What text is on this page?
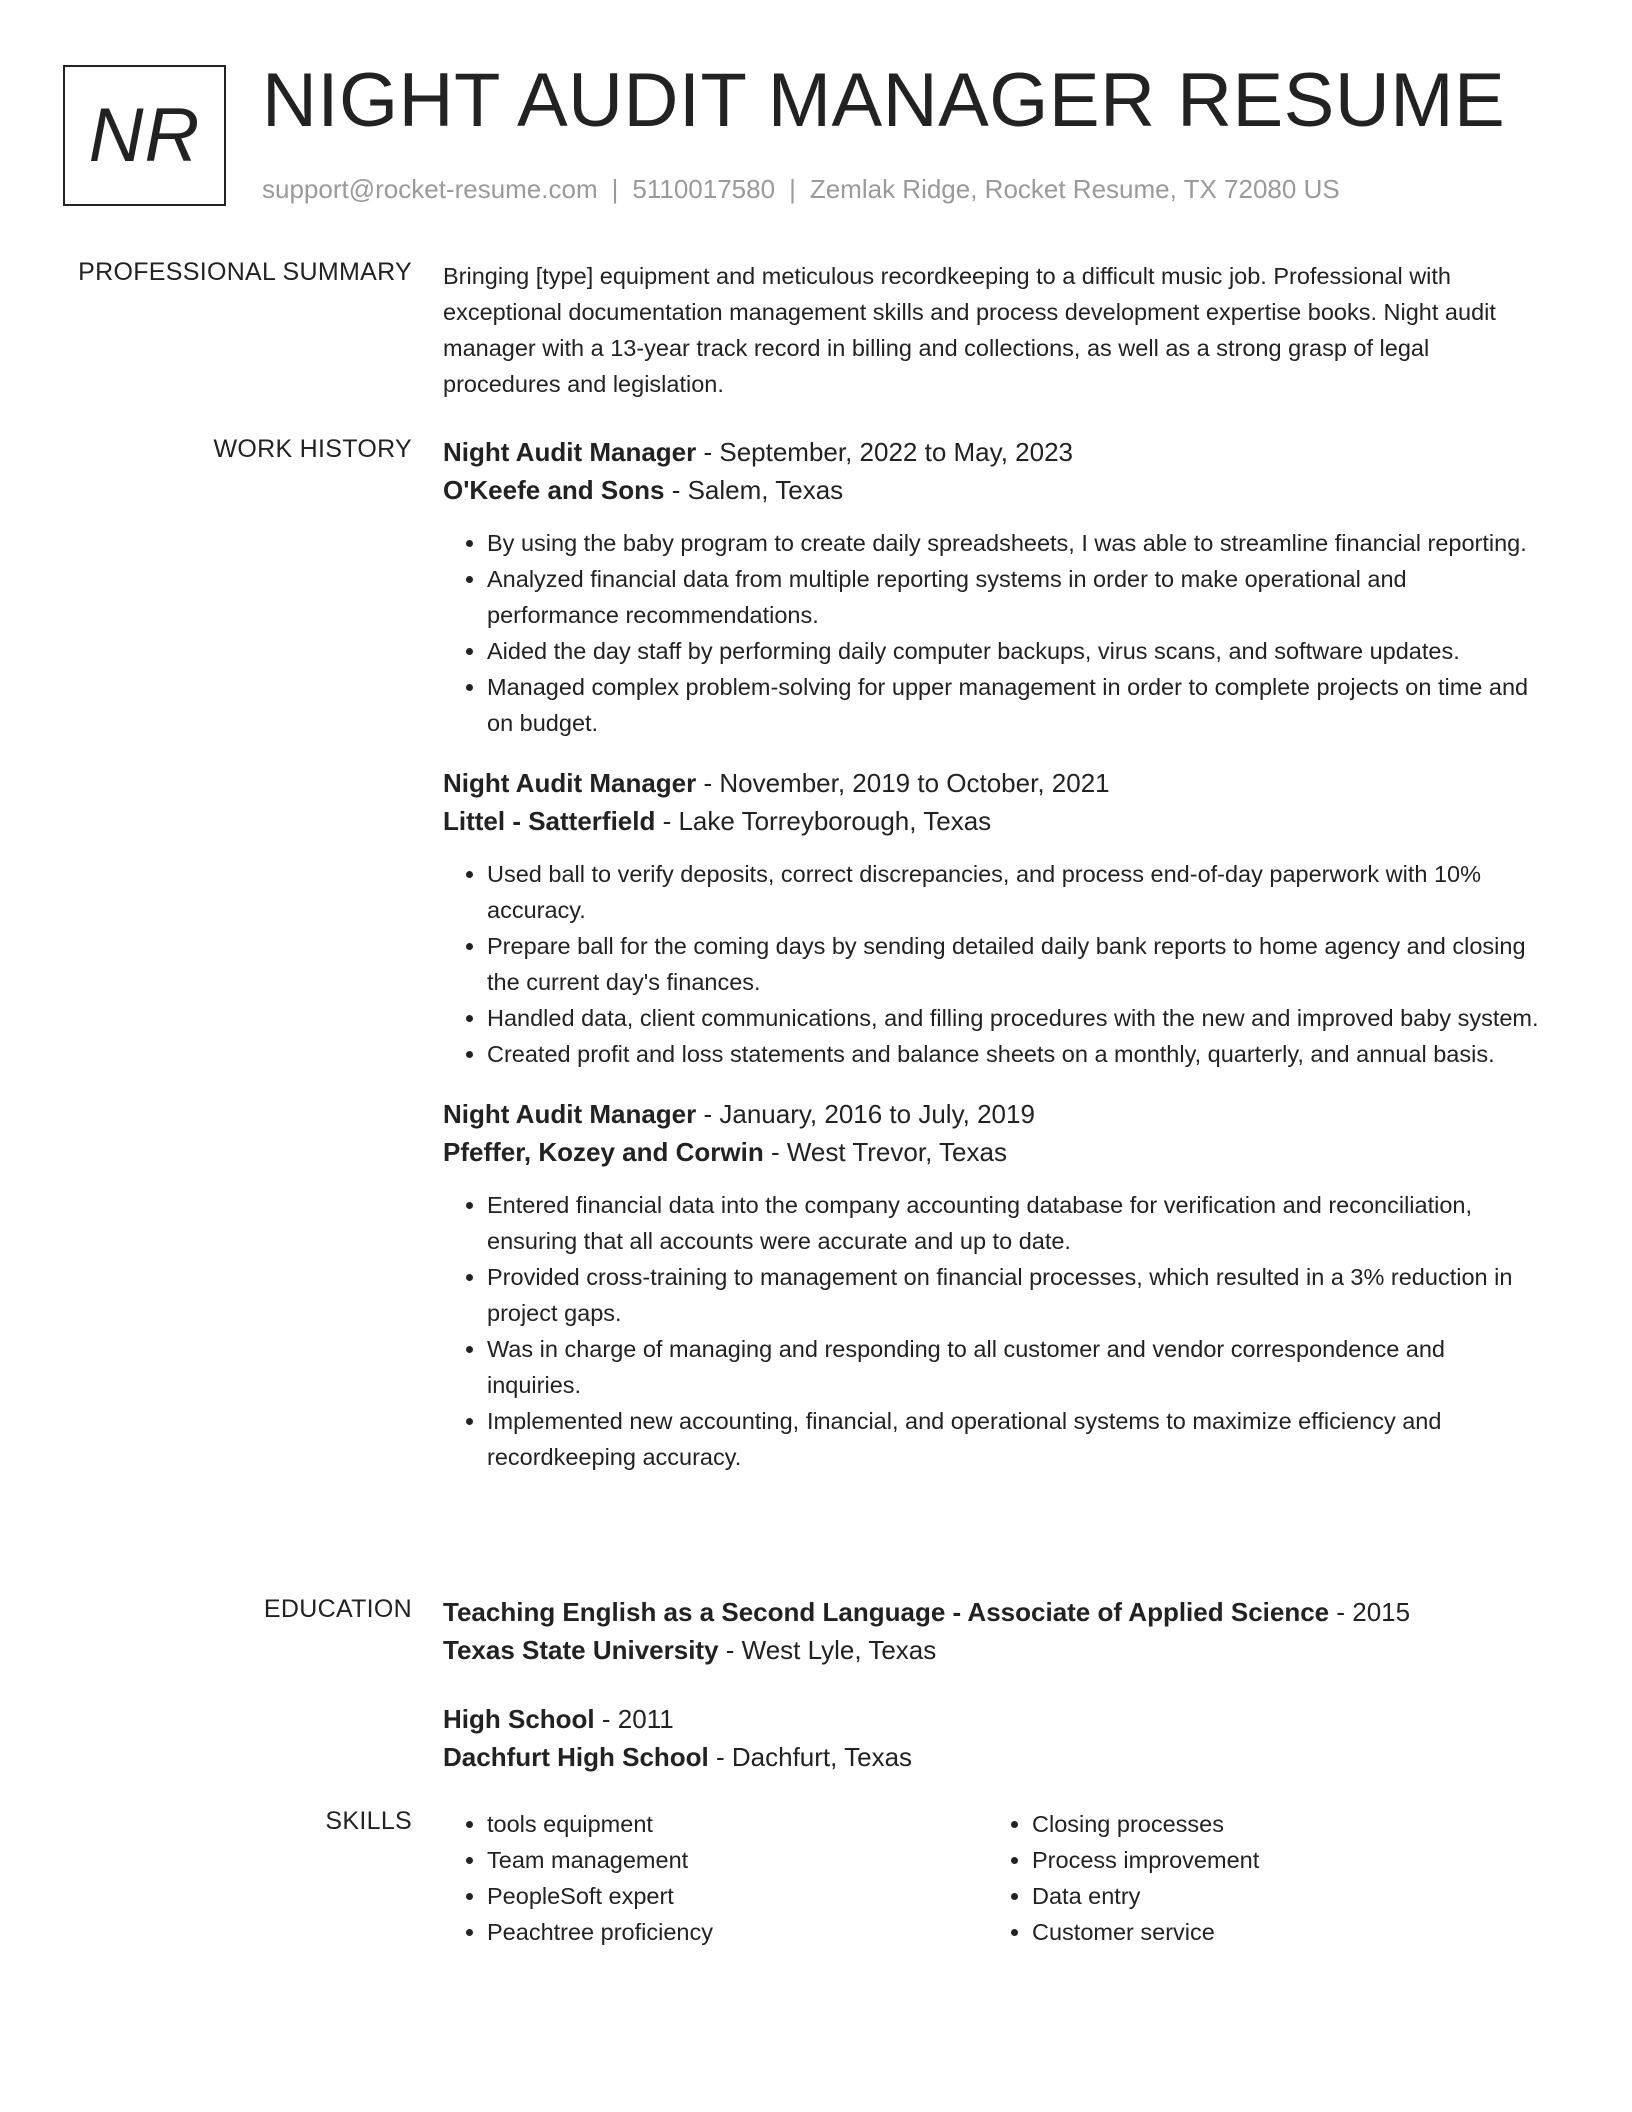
NR NIGHT AUDIT MANAGER RESUME
support@rocket-resume.com | 5110017580 | Zemlak Ridge, Rocket Resume, TX 72080 US
PROFESSIONAL SUMMARY Bringing [type] equipment and meticulous recordkeeping to a difficult music job. Professional with exceptional documentation management skills and process development expertise books. Night audit manager with a 13-year track record in billing and collections, as well as a strong grasp of legal procedures and legislation.

WORK HISTORY Night Audit Manager - September, 2022 to May, 2023
O'Keefe and Sons - Salem, Texas
• By using the baby program to create daily spreadsheets, I was able to streamline financial reporting.
• Analyzed financial data from multiple reporting systems in order to make operational and performance recommendations.
• Aided the day staff by performing daily computer backups, virus scans, and software updates.
• Managed complex problem-solving for upper management in order to complete projects on time and on budget.
Night Audit Manager - November, 2019 to October, 2021
Littel - Satterfield - Lake Torreyborough, Texas
• Used ball to verify deposits, correct discrepancies, and process end-of-day paperwork with 10% accuracy.
• Prepare ball for the coming days by sending detailed daily bank reports to home agency and closing the current day's finances.
• Handled data, client communications, and filling procedures with the new and improved baby system.
• Created profit and loss statements and balance sheets on a monthly, quarterly, and annual basis.
Night Audit Manager - January, 2016 to July, 2019
Pfeffer, Kozey and Corwin - West Trevor, Texas
• Entered financial data into the company accounting database for verification and reconciliation, ensuring that all accounts were accurate and up to date.
• Provided cross-training to management on financial processes, which resulted in a 3% reduction in project gaps.
• Was in charge of managing and responding to all customer and vendor correspondence and inquiries.
• Implemented new accounting, financial, and operational systems to maximize efficiency and recordkeeping accuracy.
EDUCATION Teaching English as a Second Language - Associate of Applied Science - 2015
Texas State University - West Lyle, Texas
High School - 2011
Dachfurt High School - Dachfurt, Texas
SKILLS
•	tools equipment
• Team management
• PeopleSoft expert
• Peachtree proficiency
• Closing processes
• Process improvement
• Data entry
• Customer service
